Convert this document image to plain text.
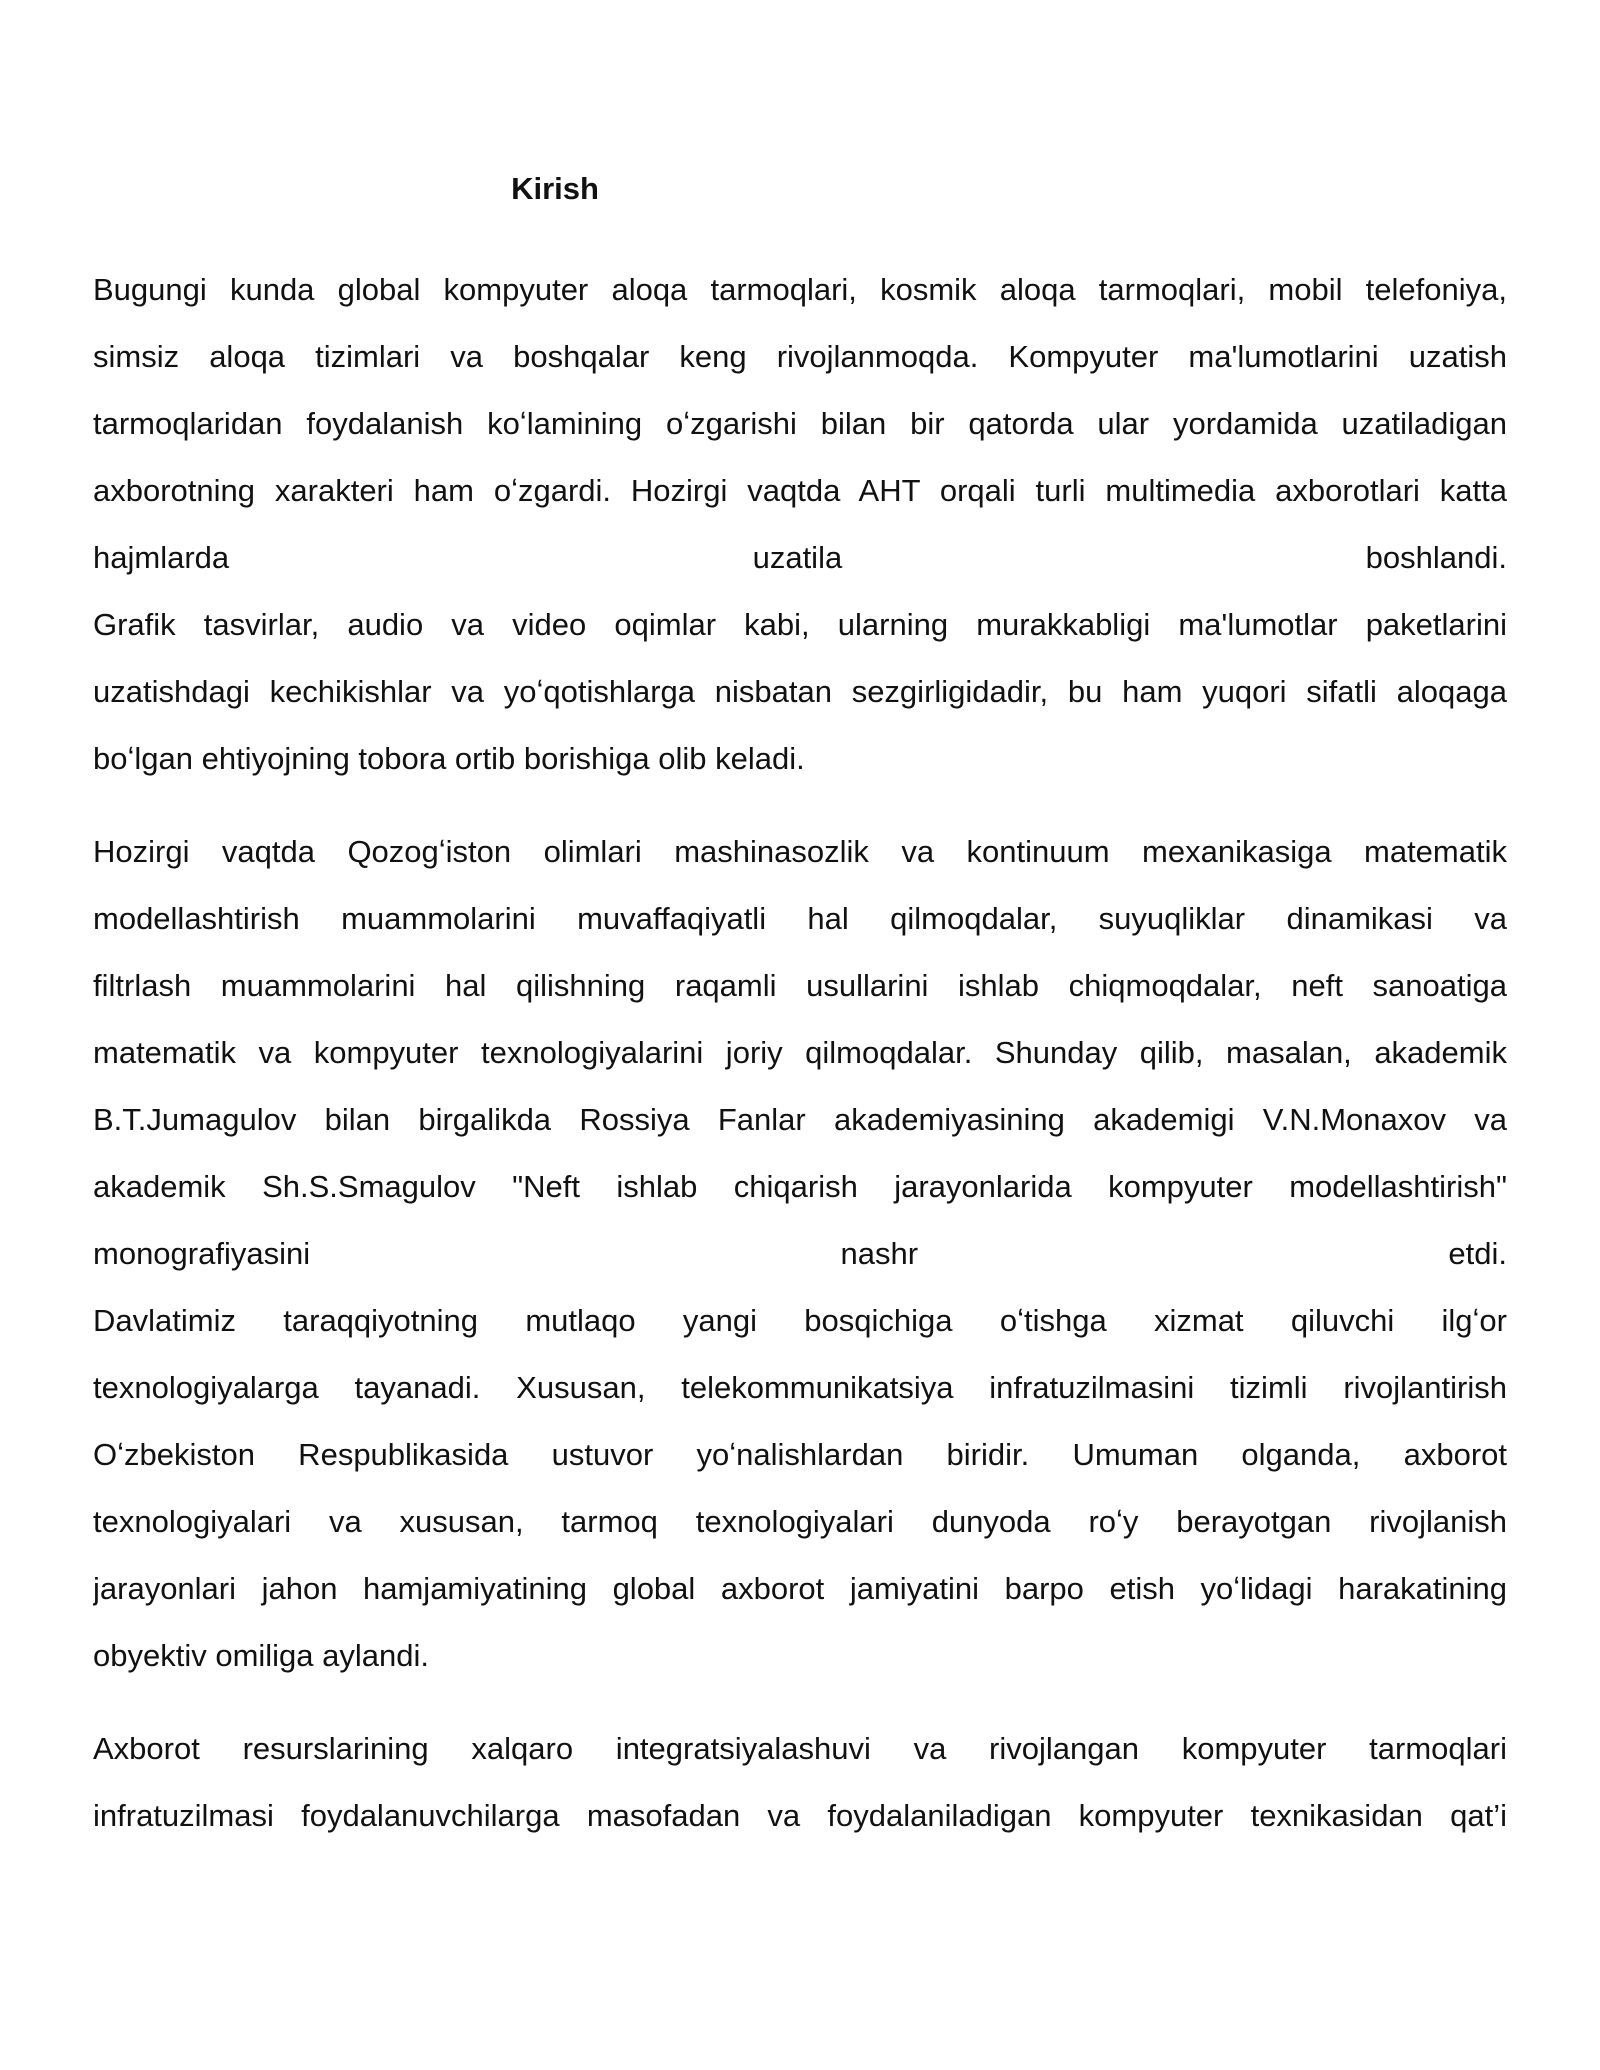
Kirish
Bugungi kunda global kompyuter aloqa tarmoqlari, kosmik aloqa tarmoqlari, mobil telefoniya,
simsiz aloqa tizimlari va boshqalar keng rivojlanmoqda. Kompyuter ma'lumotlarini uzatish
tarmoqlaridan foydalanish koʻlamining oʻzgarishi bilan bir qatorda ular yordamida uzatiladigan
axborotning xarakteri ham oʻzgardi. Hozirgi vaqtda AHT orqali turli multimedia axborotlari katta
hajmlarda uzatila boshlandi.
Grafik tasvirlar, audio va video oqimlar kabi, ularning murakkabligi ma'lumotlar paketlarini
uzatishdagi kechikishlar va yoʻqotishlarga nisbatan sezgirligidadir, bu ham yuqori sifatli aloqaga
boʻlgan ehtiyojning tobora ortib borishiga olib keladi.
Hozirgi vaqtda Qozogʻiston olimlari mashinasozlik va kontinuum mexanikasiga matematik
modellashtirish muammolarini muvaffaqiyatli hal qilmoqdalar, suyuqliklar dinamikasi va
filtrlash muammolarini hal qilishning raqamli usullarini ishlab chiqmoqdalar, neft sanoatiga
matematik va kompyuter texnologiyalarini joriy qilmoqdalar. Shunday qilib, masalan, akademik
B.T.Jumagulov bilan birgalikda Rossiya Fanlar akademiyasining akademigi V.N.Monaxov va
akademik Sh.S.Smagulov "Neft ishlab chiqarish jarayonlarida kompyuter modellashtirish"
monografiyasini nashr etdi.
Davlatimiz taraqqiyotning mutlaqo yangi bosqichiga oʻtishga xizmat qiluvchi ilgʻor
texnologiyalarga tayanadi. Xususan, telekommunikatsiya infratuzilmasini tizimli rivojlantirish
Oʻzbekiston Respublikasida ustuvor yoʻnalishlardan biridir. Umuman olganda, axborot
texnologiyalari va xususan, tarmoq texnologiyalari dunyoda roʻy berayotgan rivojlanish
jarayonlari jahon hamjamiyatining global axborot jamiyatini barpo etish yoʻlidagi harakatining
obyektiv omiliga aylandi.
Axborot resurslarining xalqaro integratsiyalashuvi va rivojlangan kompyuter tarmoqlari
infratuzilmasi foydalanuvchilarga masofadan va foydalaniladigan kompyuter texnikasidan qat’i
